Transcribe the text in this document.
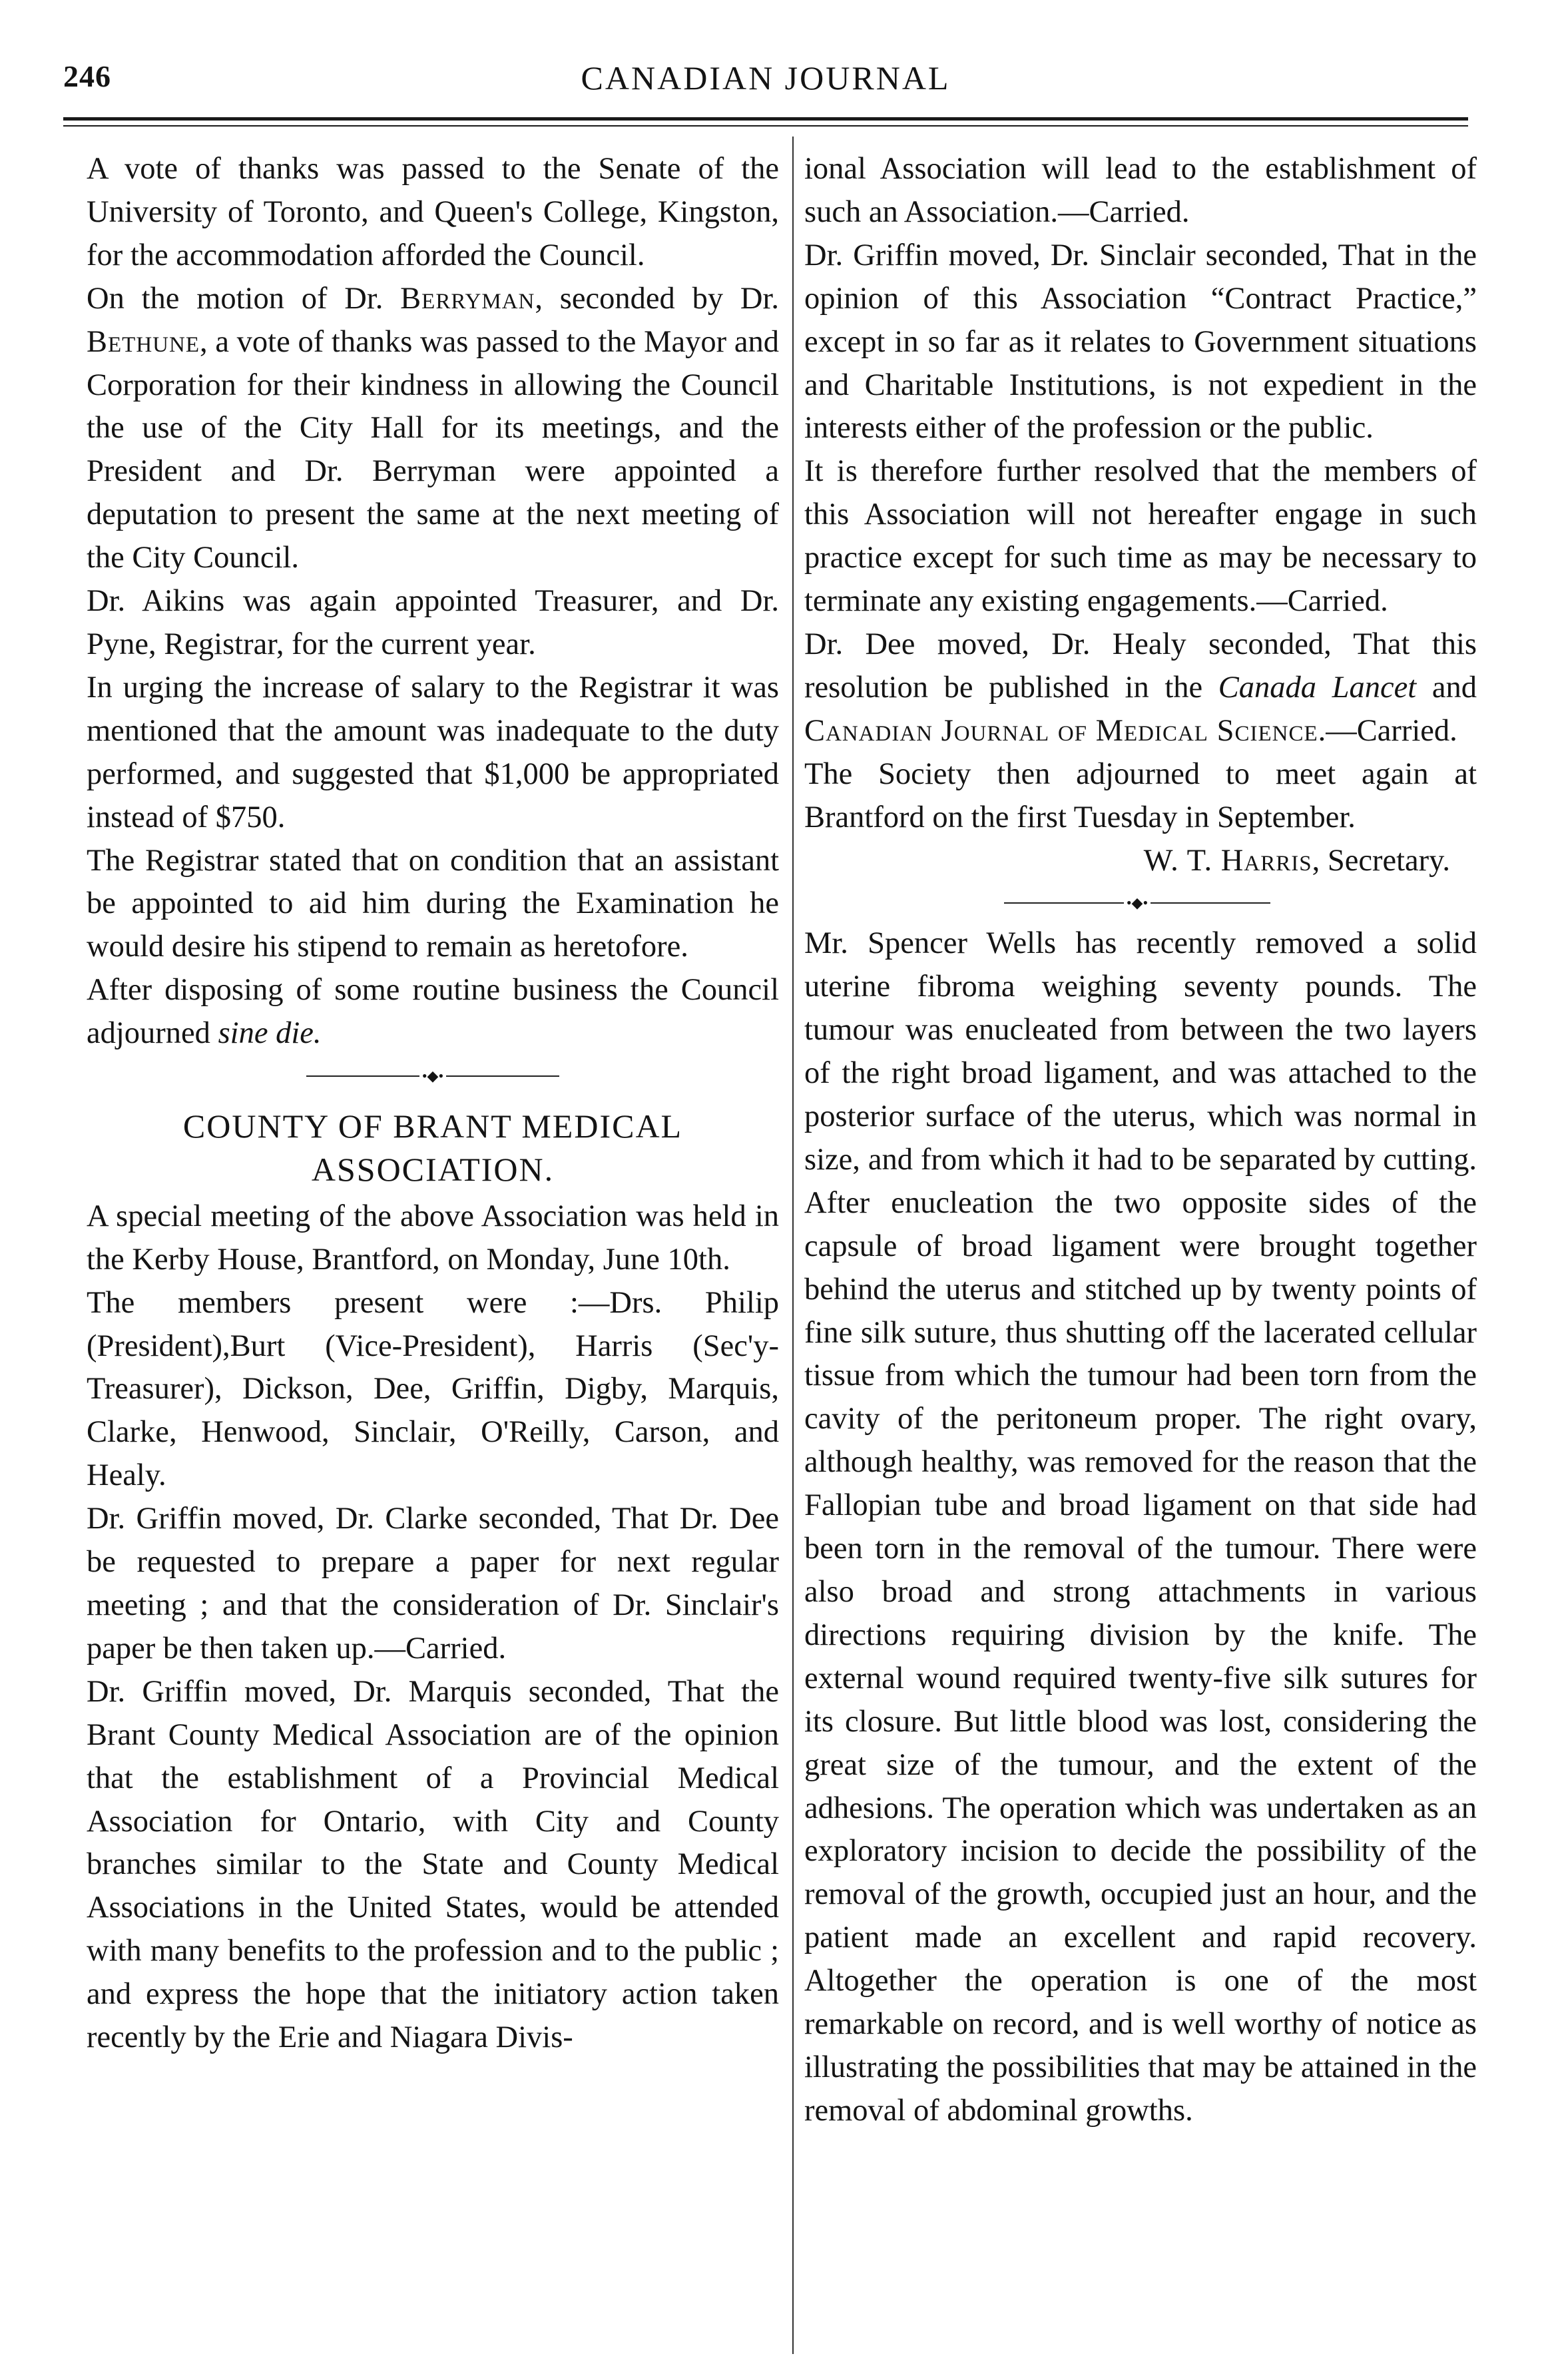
246	CANADIAN JOURNAL

A vote of thanks was passed to the Senate of the University of Toronto, and Queen's College, Kingston, for the accommodation afforded the Council.

On the motion of Dr. Berryman, seconded by Dr. Bethune, a vote of thanks was passed to the Mayor and Corporation for their kindness in allowing the Council the use of the City Hall for its meetings, and the President and Dr. Berryman were appointed a deputation to present the same at the next meeting of the City Council.

Dr. Aikins was again appointed Treasurer, and Dr. Pyne, Registrar, for the current year.

In urging the increase of salary to the Registrar it was mentioned that the amount was inadequate to the duty performed, and suggested that $1,000 be appropriated instead of $750.

The Registrar stated that on condition that an assistant be appointed to aid him during the Examination he would desire his stipend to remain as heretofore.

After disposing of some routine business the Council adjourned sine die.

•◆•
COUNTY OF BRANT MEDICAL ASSOCIATION.

A special meeting of the above Association was held in the Kerby House, Brantford, on Monday, June 10th.

The members present were :—Drs. Philip (President),Burt (Vice-President), Harris (Sec'y-Treasurer), Dickson, Dee, Griffin, Digby, Marquis, Clarke, Henwood, Sinclair, O'Reilly, Carson, and Healy.

Dr. Griffin moved, Dr. Clarke seconded, That Dr. Dee be requested to prepare a paper for next regular meeting ; and that the consideration of Dr. Sinclair's paper be then taken up.—Carried.

Dr. Griffin moved, Dr. Marquis seconded, That the Brant County Medical Association are of the opinion that the establishment of a Provincial Medical Association for Ontario, with City and County branches similar to the State and County Medical Associations in the United States, would be attended with many benefits to the profession and to the public ; and express the hope that the initiatory action taken recently by the Erie and Niagara Divis-

ional Association will lead to the establishment of such an Association.—Carried.

Dr. Griffin moved, Dr. Sinclair seconded, That in the opinion of this Association “Contract Practice,” except in so far as it relates to Government situations and Charitable Institutions, is not expedient in the interests either of the profession or the public.

It is therefore further resolved that the members of this Association will not hereafter engage in such practice except for such time as may be necessary to terminate any existing engagements.—Carried.

Dr. Dee moved, Dr. Healy seconded, That this resolution be published in the Canada Lancet and Canadian Journal of Medical Science.—Carried.

The Society then adjourned to meet again at Brantford on the first Tuesday in September.

W. T. Harris, Secretary.

•◆•

Mr. Spencer Wells has recently removed a solid uterine fibroma weighing seventy pounds. The tumour was enucleated from between the two layers of the right broad ligament, and was attached to the posterior surface of the uterus, which was normal in size, and from which it had to be separated by cutting. After enucleation the two opposite sides of the capsule of broad ligament were brought together behind the uterus and stitched up by twenty points of fine silk suture, thus shutting off the lacerated cellular tissue from which the tumour had been torn from the cavity of the peritoneum proper. The right ovary, although healthy, was removed for the reason that the Fallopian tube and broad ligament on that side had been torn in the removal of the tumour. There were also broad and strong attachments in various directions requiring division by the knife. The external wound required twenty-five silk sutures for its closure. But little blood was lost, considering the great size of the tumour, and the extent of the adhesions. The operation which was undertaken as an exploratory incision to decide the possibility of the removal of the growth, occupied just an hour, and the patient made an excellent and rapid recovery. Altogether the operation is one of the most remarkable on record, and is well worthy of notice as illustrating the possibilities that may be attained in the removal of abdominal growths.
